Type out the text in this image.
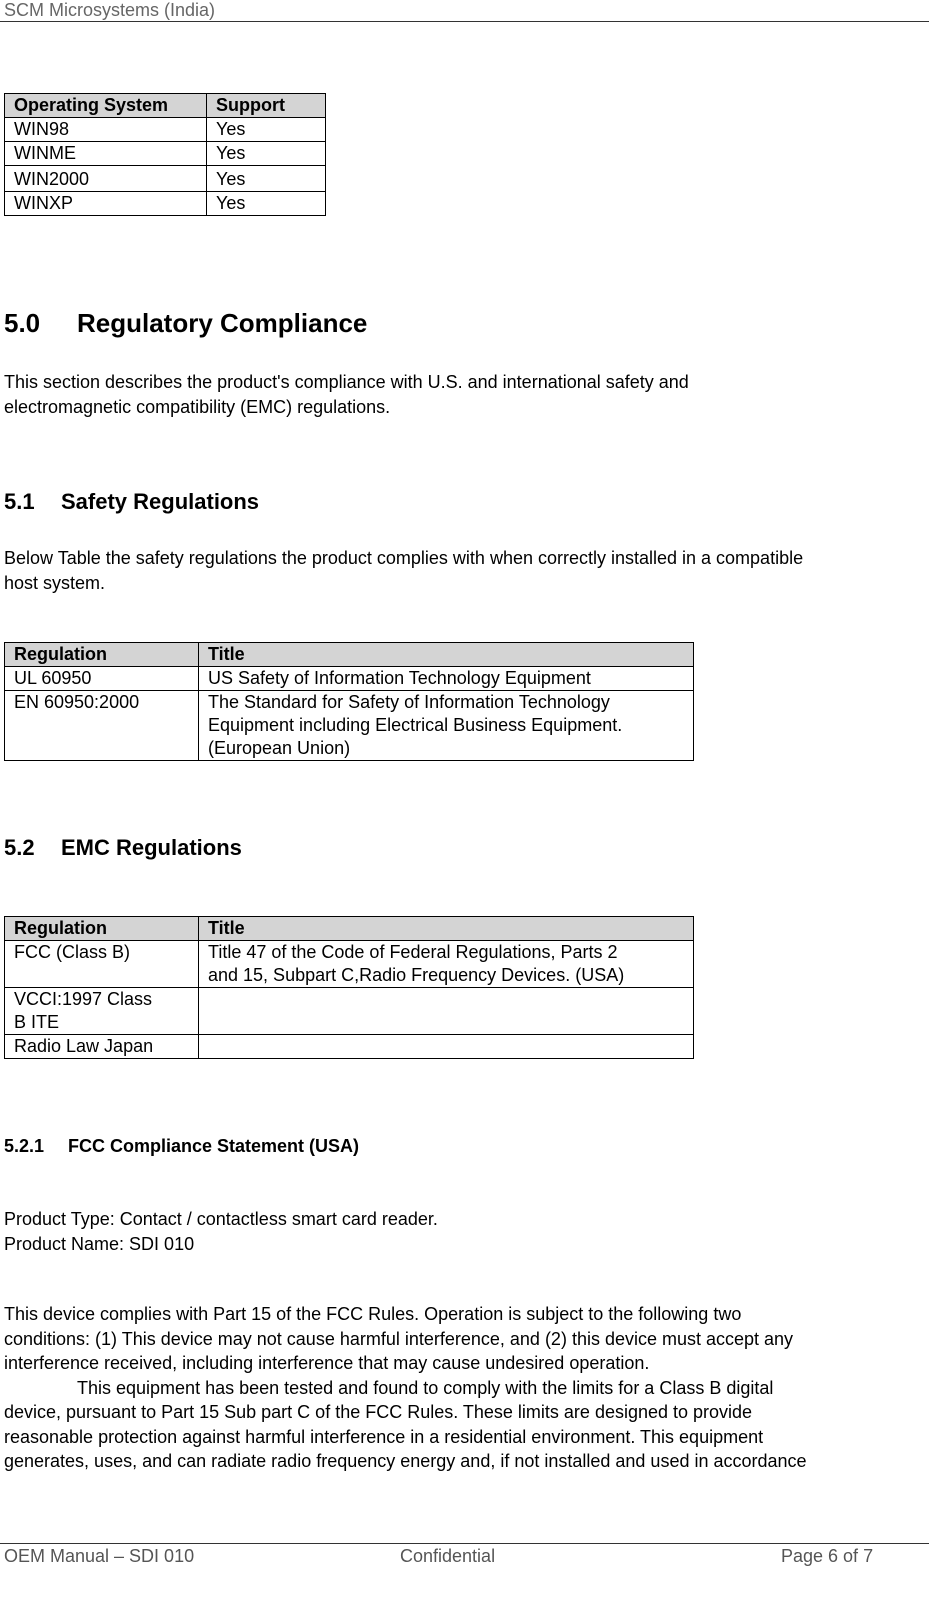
SCM Microsystems (India)
Operating System	Support
WIN98	Yes
WINME	Yes
WIN2000	Yes
WINXP	Yes
5.0 Regulatory Compliance
This section describes the product's compliance with U.S. and international safety and
electromagnetic compatibility (EMC) regulations.
5.1 Safety Regulations
Below Table the safety regulations the product complies with when correctly installed in a compatible
host system.
Regulation	Title
UL 60950	US Safety of Information Technology Equipment
EN 60950:2000	The Standard for Safety of Information Technology
Equipment including Electrical Business Equipment.
(European Union)
5.2 EMC Regulations
Regulation	Title

FCC (Class B)	Title 47 of the Code of Federal Regulations, Parts 2
and 15, Subpart C,Radio Frequency Devices. (USA)

VCCI:1997 Class
B ITE	

Radio Law Japan	

5.2.1 FCC Compliance Statement (USA)
Product Type: Contact / contactless smart card reader.
Product Name: SDI 010
This device complies with Part 15 of the FCC Rules. Operation is subject to the following two
conditions: (1) This device may not cause harmful interference, and (2) this device must accept any
interference received, including interference that may cause undesired operation.
This equipment has been tested and found to comply with the limits for a Class B digital
device, pursuant to Part 15 Sub part C of the FCC Rules. These limits are designed to provide
reasonable protection against harmful interference in a residential environment. This equipment
generates, uses, and can radiate radio frequency energy and, if not installed and used in accordance
OEM Manual – SDI 010	Confidential	Page 6 of 7
